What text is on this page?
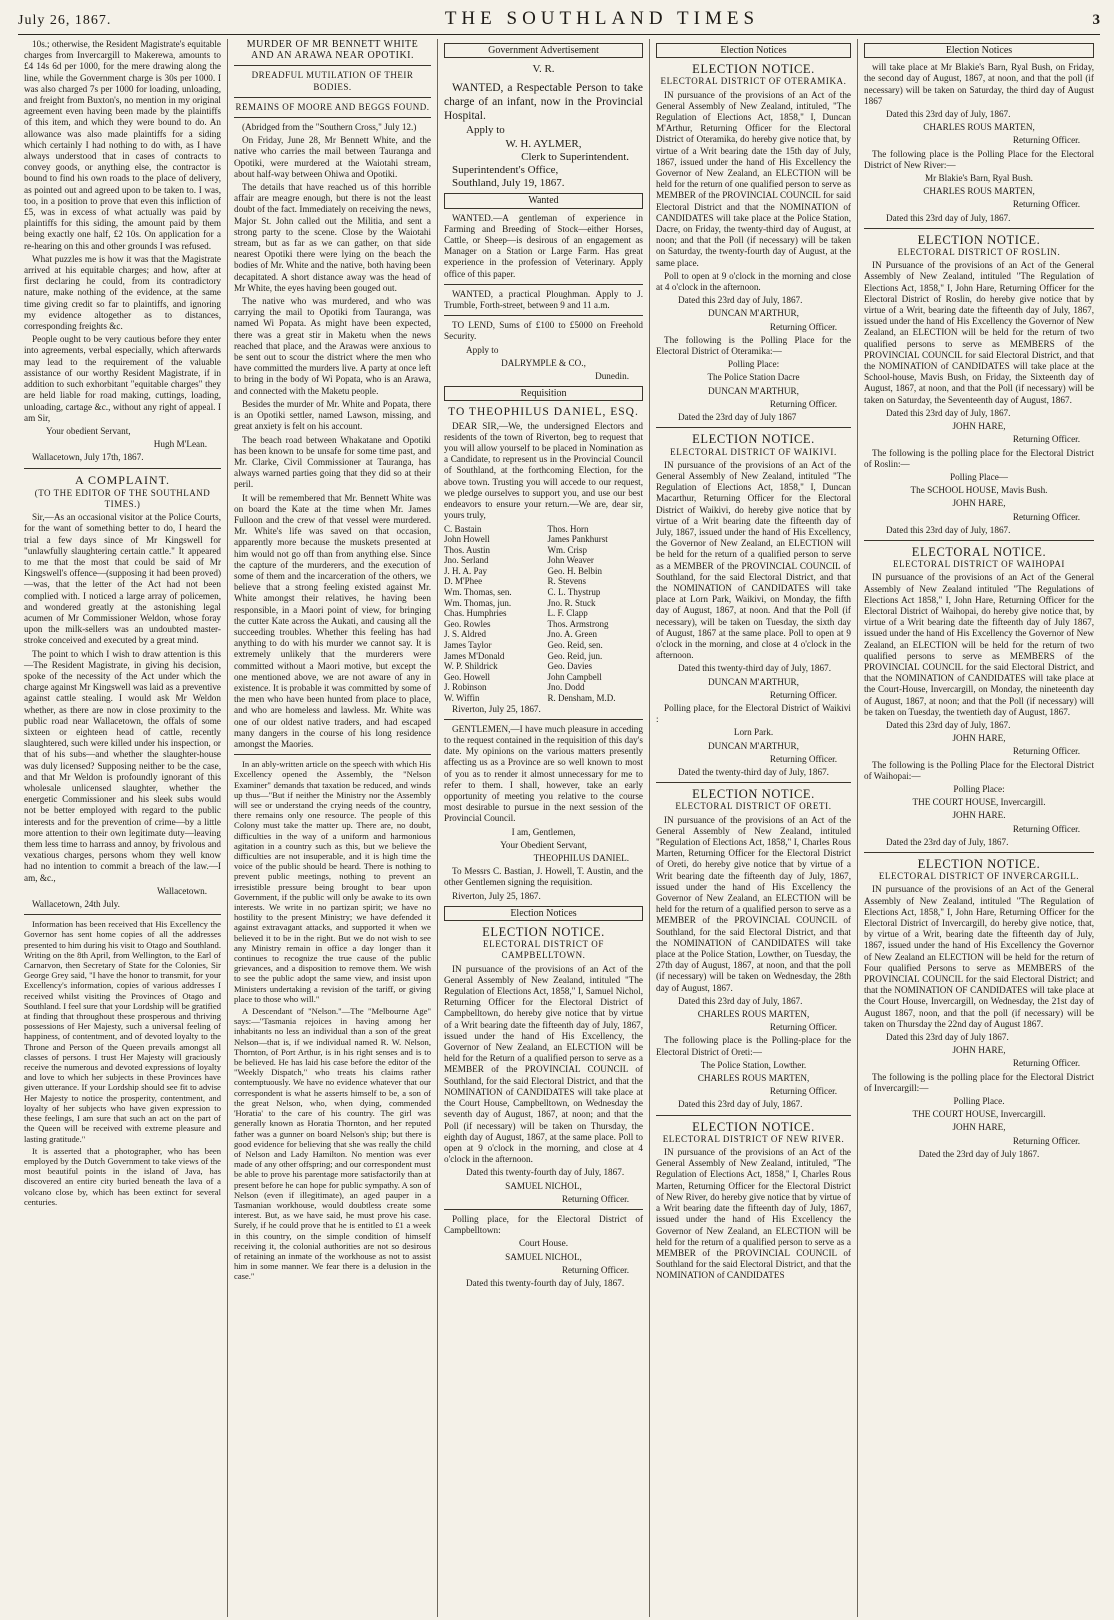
July 26, 1867.	THE SOUTHLAND TIMES	3

10s.; otherwise, the Resident Magistrate's equitable charges from Invercargill to Makerewa, amounts to £4 14s 6d per 1000, for the mere drawing along the line, while the Government charge is 30s per 1000. I was also charged 7s per 1000 for loading, unloading, and freight from Buxton's, no mention in my original agreement even having been made by the plaintiffs of this item, and which they were bound to do. An allowance was also made plaintiffs for a siding which certainly I had nothing to do with, as I have always understood that in cases of contracts to convey goods, or anything else, the contractor is bound to find his own roads to the place of delivery, as pointed out and agreed upon to be taken to. I was, too, in a position to prove that even this infliction of £5, was in excess of what actually was paid by plaintiffs for this siding, the amount paid by them being exactly one half, £2 10s. On application for a re-hearing on this and other grounds I was refused.

What puzzles me is how it was that the Magistrate arrived at his equitable charges; and how, after at first declaring he could, from its contradictory nature, make nothing of the evidence, at the same time giving credit so far to plaintiffs, and ignoring my evidence altogether as to distances, corresponding freights &c.

People ought to be very cautious before they enter into agreements, verbal especially, which afterwards may lead to the requirement of the valuable assistance of our worthy Resident Magistrate, if in addition to such exhorbitant "equitable charges" they are held liable for road making, cuttings, loading, unloading, cartage &c., without any right of appeal. I am Sir,

Your obedient Servant,

Hugh M'Lean.

Wallacetown, July 17th, 1867.

A COMPLAINT.
(TO THE EDITOR OF THE SOUTHLAND TIMES.)

Sir,—As an occasional visitor at the Police Courts, for the want of something better to do, I heard the trial a few days since of Mr Kingswell for "unlawfully slaughtering certain cattle." It appeared to me that the most that could be said of Mr Kingswell's offence—(supposing it had been proved)—was, that the letter of the Act had not been complied with. I noticed a large array of policemen, and wondered greatly at the astonishing legal acumen of Mr Commissioner Weldon, whose foray upon the milk-sellers was an undoubted master-stroke conceived and executed by a great mind.

The point to which I wish to draw attention is this—The Resident Magistrate, in giving his decision, spoke of the necessity of the Act under which the charge against Mr Kingswell was laid as a preventive against cattle stealing. I would ask Mr Weldon whether, as there are now in close proximity to the public road near Wallacetown, the offals of some sixteen or eighteen head of cattle, recently slaughtered, such were killed under his inspection, or that of his subs—and whether the slaughter-house was duly licensed? Supposing neither to be the case, and that Mr Weldon is profoundly ignorant of this wholesale unlicensed slaughter, whether the energetic Commissioner and his sleek subs would not be better employed with regard to the public interests and for the prevention of crime—by a little more attention to their own legitimate duty—leaving them less time to harrass and annoy, by frivolous and vexatious charges, persons whom they well know had no intention to commit a breach of the law.—I am, &c.,

Wallacetown.

Wallacetown, 24th July.

Information has been received that His Excellency the Governor has sent home copies of all the addresses presented to him during his visit to Otago and Southland. Writing on the 8th April, from Wellington, to the Earl of Carnarvon, then Secretary of State for the Colonies, Sir George Grey said, "I have the honor to transmit, for your Excellency's information, copies of various addresses I received whilst visiting the Provinces of Otago and Southland. I feel sure that your Lordship will be gratified at finding that throughout these prosperous and thriving possessions of Her Majesty, such a universal feeling of happiness, of contentment, and of devoted loyalty to the Throne and Person of the Queen prevails amongst all classes of persons. I trust Her Majesty will graciously receive the numerous and devoted expressions of loyalty and love to which her subjects in these Provinces have given utterance. If your Lordship should see fit to advise Her Majesty to notice the prosperity, contentment, and loyalty of her subjects who have given expression to these feelings, I am sure that such an act on the part of the Queen will be received with extreme pleasure and lasting gratitude."

It is asserted that a photographer, who has been employed by the Dutch Government to take views of the most beautiful points in the island of Java, has discovered an entire city buried beneath the lava of a volcano close by, which has been extinct for several centuries.

MURDER OF MR BENNETT WHITE AND AN ARAWA NEAR OPOTIKI.
DREADFUL MUTILATION OF THEIR BODIES.
REMAINS OF MOORE AND BEGGS FOUND.

(Abridged from the "Southern Cross," July 12.)

On Friday, June 28, Mr Bennett White, and the native who carries the mail between Tauranga and Opotiki, were murdered at the Waiotahi stream, about half-way between Ohiwa and Opotiki.

The details that have reached us of this horrible affair are meagre enough, but there is not the least doubt of the fact. Immediately on receiving the news, Major St. John called out the Militia, and sent a strong party to the scene. Close by the Waiotahi stream, but as far as we can gather, on that side nearest Opotiki there were lying on the beach the bodies of Mr. White and the native, both having been decapitated. A short distance away was the head of Mr White, the eyes having been gouged out.

The native who was murdered, and who was carrying the mail to Opotiki from Tauranga, was named Wi Popata. As might have been expected, there was a great stir in Maketu when the news reached that place, and the Arawas were anxious to be sent out to scour the district where the men who have committed the murders live. A party at once left to bring in the body of Wi Popata, who is an Arawa, and connected with the Maketu people.

Besides the murder of Mr. White and Popata, there is an Opotiki settler, named Lawson, missing, and great anxiety is felt on his account.

The beach road between Whakatane and Opotiki has been known to be unsafe for some time past, and Mr. Clarke, Civil Commissioner at Tauranga, has always warned parties going that they did so at their peril.

It will be remembered that Mr. Bennett White was on board the Kate at the time when Mr. James Fulloon and the crew of that vessel were murdered. Mr. White's life was saved on that occasion, apparently more because the muskets presented at him would not go off than from anything else. Since the capture of the murderers, and the execution of some of them and the incarceration of the others, we believe that a strong feeling existed against Mr. White amongst their relatives, he having been responsible, in a Maori point of view, for bringing the cutter Kate across the Aukati, and causing all the succeeding troubles. Whether this feeling has had anything to do with his murder we cannot say. It is extremely unlikely that the murderers were committed without a Maori motive, but except the one mentioned above, we are not aware of any in existence. It is probable it was committed by some of the men who have been hunted from place to place, and who are homeless and lawless. Mr. White was one of our oldest native traders, and had escaped many dangers in the course of his long residence amongst the Maories.

In an ably-written article on the speech with which His Excellency opened the Assembly, the "Nelson Examiner" demands that taxation be reduced, and winds up thus—"But if neither the Ministry nor the Assembly will see or understand the crying needs of the country, there remains only one resource. The people of this Colony must take the matter up. There are, no doubt, difficulties in the way of a uniform and harmonious agitation in a country such as this, but we believe the difficulties are not insuperable, and it is high time the voice of the public should be heard. There is nothing to prevent public meetings, nothing to prevent an irresistible pressure being brought to bear upon Government, if the public will only be awake to its own interests. We write in no partizan spirit; we have no hostility to the present Ministry; we have defended it against extravagant attacks, and supported it when we believed it to be in the right. But we do not wish to see any Ministry remain in office a day longer than it continues to recognize the true cause of the public grievances, and a disposition to remove them. We wish to see the public adopt the same view, and insist upon Ministers undertaking a revision of the tariff, or giving place to those who will."

A Descendant of "Nelson."—The "Melbourne Age" says:—"Tasmania rejoices in having among her inhabitants no less an individual than a son of the great Nelson—that is, if we individual named R. W. Nelson, Thornton, of Port Arthur, is in his right senses and is to be believed. He has laid his case before the editor of the "Weekly Dispatch," who treats his claims rather contemptuously. We have no evidence whatever that our correspondent is what he asserts himself to be, a son of the great Nelson, who, when dying, commended 'Horatia' to the care of his country. The girl was generally known as Horatia Thornton, and her reputed father was a gunner on board Nelson's ship; but there is good evidence for believing that she was really the child of Nelson and Lady Hamilton. No mention was ever made of any other offspring; and our correspondent must be able to prove his parentage more satisfactorily than at present before he can hope for public sympathy. A son of Nelson (even if illegitimate), an aged pauper in a Tasmanian workhouse, would doubtless create some interest. But, as we have said, he must prove his case. Surely, if he could prove that he is entitled to £1 a week in this country, on the simple condition of himself receiving it, the colonial authorities are not so desirous of retaining an inmate of the workhouse as not to assist him in some manner. We fear there is a delusion in the case."

Government Advertisement
V. R.

WANTED, a Respectable Person to take charge of an infant, now in the Provincial Hospital.

Apply to

W. H. AYLMER,

Clerk to Superintendent.

Superintendent's Office,

Southland, July 19, 1867.

Wanted

WANTED.—A gentleman of experience in Farming and Breeding of Stock—either Horses, Cattle, or Sheep—is desirous of an engagement as Manager on a Station or Large Farm. Has great experience in the profession of Veterinary. Apply office of this paper.

WANTED, a practical Ploughman. Apply to J. Trumble, Forth-street, between 9 and 11 a.m.

TO LEND, Sums of £100 to £5000 on Freehold Security.

Apply to

DALRYMPLE & CO.,

Dunedin.

Requisition
TO THEOPHILUS DANIEL, ESQ.

DEAR SIR,—We, the undersigned Electors and residents of the town of Riverton, beg to request that you will allow yourself to be placed in Nomination as a Candidate, to represent us in the Provincial Council of Southland, at the forthcoming Election, for the above town. Trusting you will accede to our request, we pledge ourselves to support you, and use our best endeavors to ensure your return.—We are, dear sir, yours truly,

C. Bastain
John Howell
Thos. Austin
Jno. Serland
J. H. A. Pay
D. M'Phee
Wm. Thomas, sen.
Wm. Thomas, jun.
Chas. Humphries
Geo. Rowles
J. S. Aldred
James Taylor
James M'Donald
W. P. Shildrick
Geo. Howell
J. Robinson
W. Wiffin
Thos. Horn
James Pankhurst
Wm. Crisp
John Weaver
Geo. H. Belbin
R. Stevens
C. L. Thystrup
Jno. R. Stuck
L. F. Clapp
Thos. Armstrong
Jno. A. Green
Geo. Reid, sen.
Geo. Reid, jun.
Geo. Davies
John Campbell
Jno. Dodd
R. Densham, M.D.

Riverton, July 25, 1867.

GENTLEMEN,—I have much pleasure in acceding to the request contained in the requisition of this day's date. My opinions on the various matters presently affecting us as a Province are so well known to most of you as to render it almost unnecessary for me to refer to them. I shall, however, take an early opportunity of meeting you relative to the course most desirable to pursue in the next session of the Provincial Council.

I am, Gentlemen,

Your Obedient Servant,

THEOPHILUS DANIEL.

To Messrs C. Bastian, J. Howell, T. Austin, and the other Gentlemen signing the requisition.

Riverton, July 25, 1867.

Election Notices
ELECTION NOTICE.
ELECTORAL DISTRICT OF CAMPBELLTOWN.

IN pursuance of the provisions of an Act of the General Assembly of New Zealand, intituled "The Regulation of Elections Act, 1858," I, Samuel Nichol, Returning Officer for the Electoral District of Campbelltown, do hereby give notice that by virtue of a Writ bearing date the fifteenth day of July, 1867, issued under the hand of His Excellency, the Governor of New Zealand, an ELECTION will be held for the Return of a qualified person to serve as a MEMBER of the PROVINCIAL COUNCIL of Southland, for the said Electoral District, and that the NOMINATION of CANDIDATES will take place at the Court House, Campbelltown, on Wednesday the seventh day of August, 1867, at noon; and that the Poll (if necessary) will be taken on Thursday, the eighth day of August, 1867, at the same place. Poll to open at 9 o'clock in the morning, and close at 4 o'clock in the afternoon.

Dated this twenty-fourth day of July, 1867.

SAMUEL NICHOL,

Returning Officer.

Polling place, for the Electoral District of Campbelltown:

Court House.

SAMUEL NICHOL,

Returning Officer.

Dated this twenty-fourth day of July, 1867.

Election Notices
ELECTION NOTICE.
ELECTORAL DISTRICT OF OTERAMIKA.

IN pursuance of the provisions of an Act of the General Assembly of New Zealand, intituled, "The Regulation of Elections Act, 1858," I, Duncan M'Arthur, Returning Officer for the Electoral District of Oteramika, do hereby give notice that, by virtue of a Writ bearing date the 15th day of July, 1867, issued under the hand of His Excellency the Governor of New Zealand, an ELECTION will be held for the return of one qualified person to serve as MEMBER of the PROVINCIAL COUNCIL for said Electoral District and that the NOMINATION of CANDIDATES will take place at the Police Station, Dacre, on Friday, the twenty-third day of August, at noon; and that the Poll (if necessary) will be taken on Saturday, the twenty-fourth day of August, at the same place.

Poll to open at 9 o'clock in the morning and close at 4 o'clock in the afternoon.

Dated this 23rd day of July, 1867.

DUNCAN M'ARTHUR,

Returning Officer.

The following is the Polling Place for the Electoral District of Oteramika:—

Polling Place:

The Police Station Dacre

DUNCAN M'ARTHUR,

Returning Officer.

Dated the 23rd day of July 1867

ELECTION NOTICE.
ELECTORAL DISTRICT OF WAIKIVI.

IN pursuance of the provisions of an Act of the General Assembly of New Zealand, intituled "The Regulation of Elections Act, 1858," I, Duncan Macarthur, Returning Officer for the Electoral District of Waikivi, do hereby give notice that by virtue of a Writ bearing date the fifteenth day of July, 1867, issued under the hand of His Excellency, the Governor of New Zealand, an ELECTION will be held for the return of a qualified person to serve as a MEMBER of the PROVINCIAL COUNCIL of Southland, for the said Electoral District, and that the NOMINATION of CANDIDATES will take place at Lorn Park, Waikivi, on Monday, the fifth day of August, 1867, at noon. And that the Poll (if necessary), will be taken on Tuesday, the sixth day of August, 1867 at the same place. Poll to open at 9 o'clock in the morning, and close at 4 o'clock in the afternoon.

Dated this twenty-third day of July, 1867.

DUNCAN M'ARTHUR,

Returning Officer.

Polling place, for the Electoral District of Waikivi :

Lorn Park.

DUNCAN M'ARTHUR,

Returning Officer.

Dated the twenty-third day of July, 1867.

ELECTION NOTICE.
ELECTORAL DISTRICT OF ORETI.

IN pursuance of the provisions of an Act of the General Assembly of New Zealand, intituled "Regulation of Elections Act, 1858," I, Charles Rous Marten, Returning Officer for the Electoral District of Oreti, do hereby give notice that by virtue of a Writ bearing date the fifteenth day of July, 1867, issued under the hand of His Excellency the Governor of New Zealand, an ELECTION will be held for the return of a qualified person to serve as a MEMBER of the PROVINCIAL COUNCIL of Southland, for the said Electoral District, and that the NOMINATION of CANDIDATES will take place at the Police Station, Lowther, on Tuesday, the 27th day of August, 1867, at noon, and that the poll (if necessary) will be taken on Wednesday, the 28th day of August, 1867.

Dated this 23rd day of July, 1867.

CHARLES ROUS MARTEN,

Returning Officer.

The following place is the Polling-place for the Electoral District of Oreti:—

The Police Station, Lowther.

CHARLES ROUS MARTEN,

Returning Officer.

Dated this 23rd day of July, 1867.

ELECTION NOTICE.
ELECTORAL DISTRICT OF NEW RIVER.

IN pursuance of the provisions of an Act of the General Assembly of New Zealand, intituled, "The Regulation of Elections Act, 1858," I, Charles Rous Marten, Returning Officer for the Electoral District of New River, do hereby give notice that by virtue of a Writ bearing date the fifteenth day of July, 1867, issued under the hand of His Excellency the Governor of New Zealand, an ELECTION will be held for the return of a qualified person to serve as a MEMBER of the PROVINCIAL COUNCIL of Southland for the said Electoral District, and that the NOMINATION of CANDIDATES

Election Notices

will take place at Mr Blakie's Barn, Ryal Bush, on Friday, the second day of August, 1867, at noon, and that the poll (if necessary) will be taken on Saturday, the third day of August 1867

Dated this 23rd day of July, 1867.

CHARLES ROUS MARTEN,

Returning Officer.

The following place is the Polling Place for the Electoral District of New River:—

Mr Blakie's Barn, Ryal Bush.

CHARLES ROUS MARTEN,

Returning Officer.

Dated this 23rd day of July, 1867.

ELECTION NOTICE.
ELECTORAL DISTRICT OF ROSLIN.

IN Pursuance of the provisions of an Act of the General Assembly of New Zealand, intituled "The Regulation of Elections Act, 1858," I, John Hare, Returning Officer for the Electoral District of Roslin, do hereby give notice that by virtue of a Writ, bearing date the fifteenth day of July, 1867, issued under the hand of His Excellency the Governor of New Zealand, an ELECTION will be held for the return of two qualified persons to serve as MEMBERS of the PROVINCIAL COUNCIL for said Electoral District, and that the NOMINATION of CANDIDATES will take place at the School-house, Mavis Bush, on Friday, the Sixteenth day of August, 1867, at noon, and that the Poll (if necessary) will be taken on Saturday, the Seventeenth day of August, 1867.

Dated this 23rd day of July, 1867.

JOHN HARE,

Returning Officer.

The following is the polling place for the Electoral District of Roslin:—

Polling Place—

The SCHOOL HOUSE, Mavis Bush.

JOHN HARE,

Returning Officer.

Dated this 23rd day of July, 1867.

ELECTORAL NOTICE.
ELECTORAL DISTRICT OF WAIHOPAI

IN pursuance of the provisions of an Act of the General Assembly of New Zealand intituled "The Regulations of Elections Act 1858," I, John Hare, Returning Officer for the Electoral District of Waihopai, do hereby give notice that, by virtue of a Writ bearing date the fifteenth day of July 1867, issued under the hand of His Excellency the Governor of New Zealand, an ELECTION will be held for the return of two qualified persons to serve as MEMBERS of the PROVINCIAL COUNCIL for the said Electoral District, and that the NOMINATION of CANDIDATES will take place at the Court-House, Invercargill, on Monday, the nineteenth day of August, 1867, at noon; and that the Poll (if necessary) will be taken on Tuesday, the twentieth day of August, 1867.

Dated this 23rd day of July, 1867.

JOHN HARE,

Returning Officer.

The following is the Polling Place for the Electoral District of Waihopai:—

Polling Place:

THE COURT HOUSE, Invercargill.

JOHN HARE.

Returning Officer.

Dated the 23rd day of July, 1867.

ELECTION NOTICE.
ELECTORAL DISTRICT OF INVERCARGILL.

IN pursuance of the provisions of an Act of the General Assembly of New Zealand, intituled "The Regulation of Elections Act, 1858," I, John Hare, Returning Officer for the Electoral District of Invercargill, do hereby give notice, that, by virtue of a Writ, bearing date the fifteenth day of July, 1867, issued under the hand of His Excellency the Governor of New Zealand an ELECTION will be held for the return of Four qualified Persons to serve as MEMBERS of the PROVINCIAL COUNCIL for the said Electoral District; and that the NOMINATION OF CANDIDATES will take place at the Court House, Invercargill, on Wednesday, the 21st day of August 1867, noon, and that the poll (if necessary) will be taken on Thursday the 22nd day of August 1867.

Dated this 23rd day of July 1867.

JOHN HARE,

Returning Officer.

The following is the polling place for the Electoral District of Invercargill:—

Polling Place.

THE COURT HOUSE, Invercargill.

JOHN HARE,

Returning Officer.

Dated the 23rd day of July 1867.
